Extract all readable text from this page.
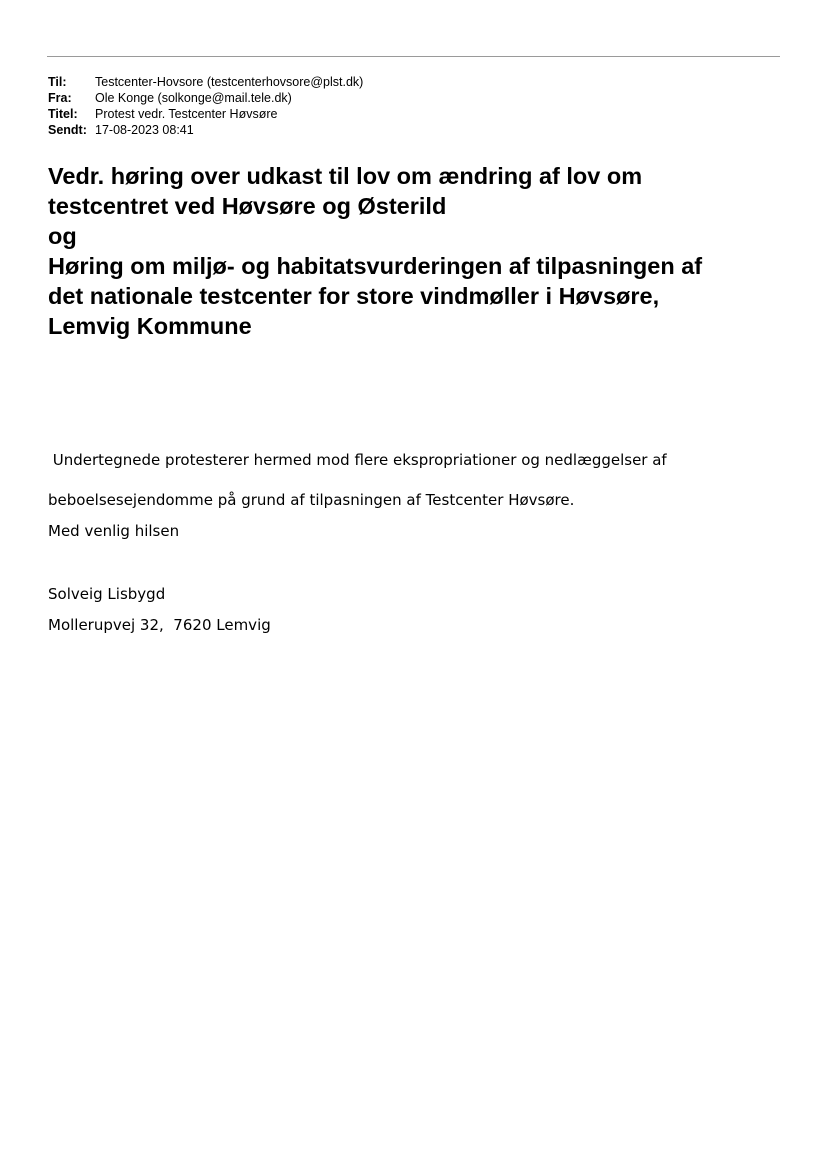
Til:	Testcenter-Hovsore (testcenterhovsore@plst.dk)
Fra:	Ole Konge (solkonge@mail.tele.dk)
Titel:	Protest vedr. Testcenter Høvsøre
Sendt: 17-08-2023 08:41
Vedr. høring over udkast til lov om ændring af lov om
testcentret ved Høvsøre og Østerild
og
Høring om miljø- og habitatsvurderingen af tilpasningen af
det nationale testcenter for store vindmøller i Høvsøre,
Lemvig Kommune

Undertegnede protesterer hermed mod flere ekspropriationer og nedlæggelser af

beboelsesejendomme på grund af tilpasningen af Testcenter Høvsøre.

Med venlig hilsen

Solveig Lisbygd

Mollerupvej 32,  7620 Lemvig
